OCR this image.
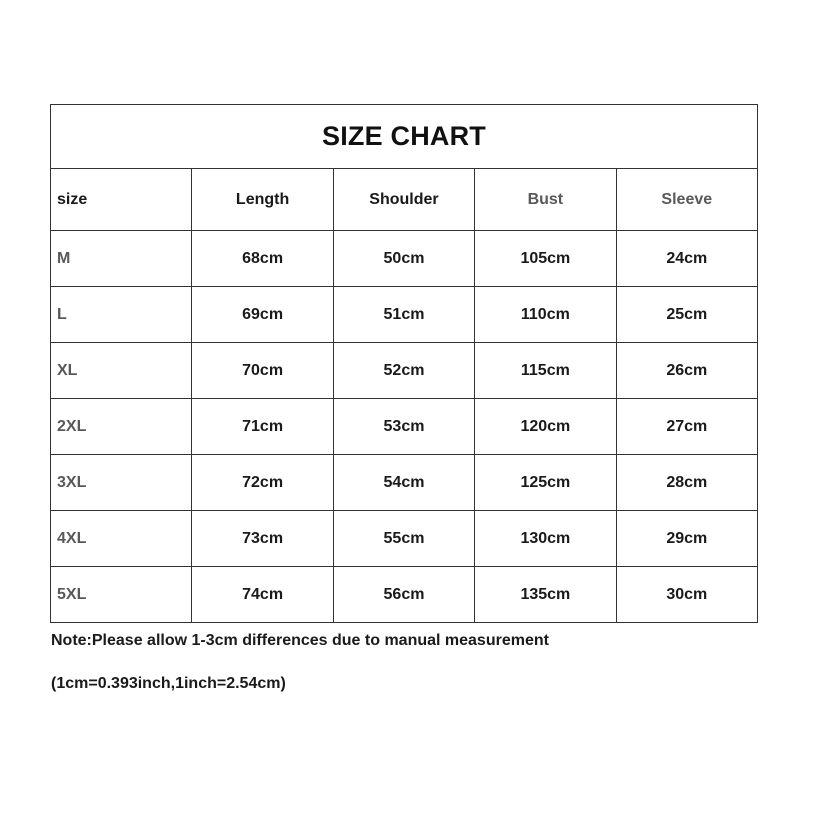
SIZE CHART				
size	Length	Shoulder	Bust	Sleeve
M	68cm	50cm	105cm	24cm
L	69cm	51cm	110cm	25cm
XL	70cm	52cm	115cm	26cm
2XL	71cm	53cm	120cm	27cm
3XL	72cm	54cm	125cm	28cm
4XL	73cm	55cm	130cm	29cm
5XL	74cm	56cm	135cm	30cm
Note:Please allow 1-3cm differences due to manual measurement
(1cm=0.393inch,1inch=2.54cm)
